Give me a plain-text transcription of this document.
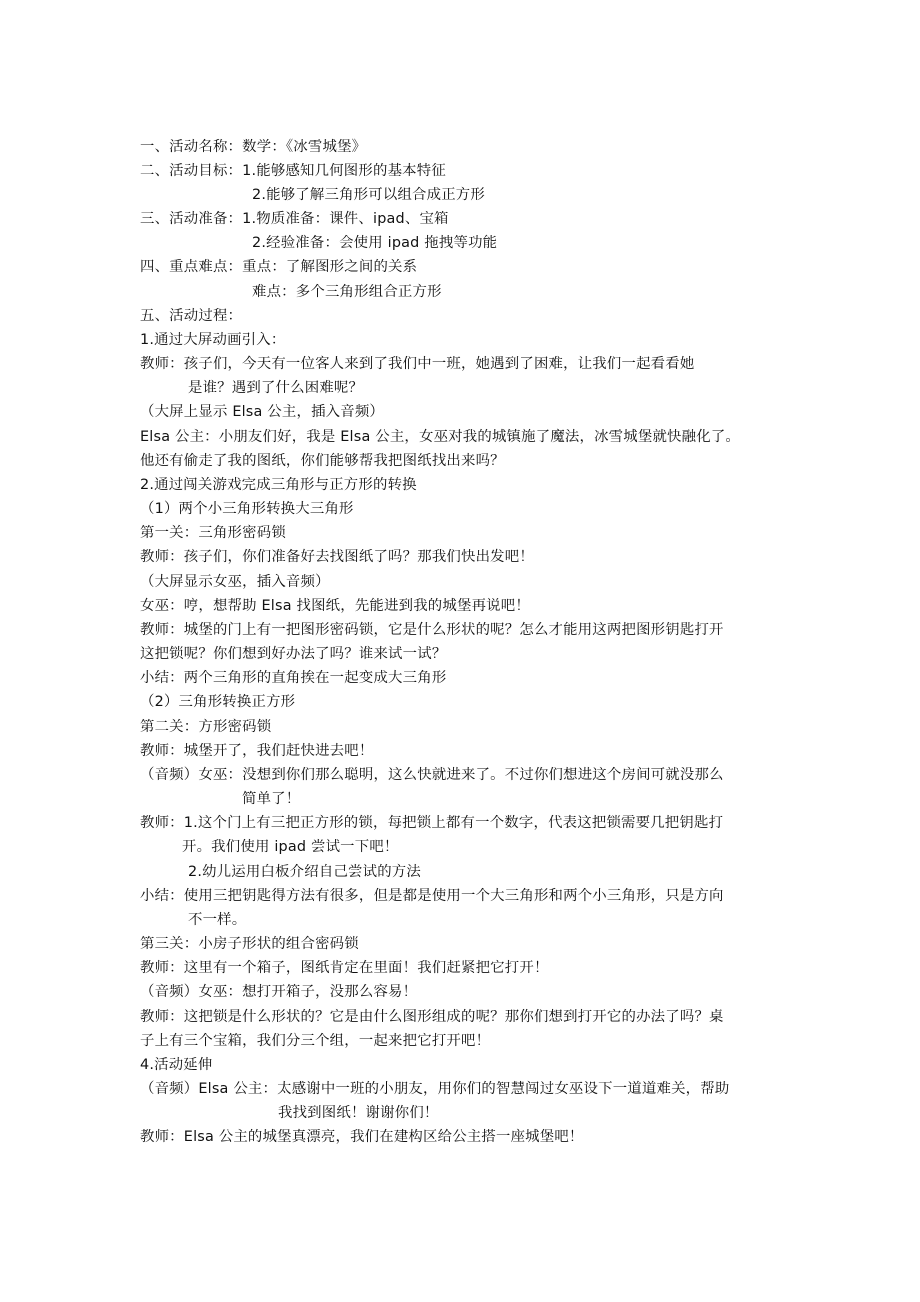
一、活动名称：数学：《冰雪城堡》
二、活动目标：1.能够感知几何图形的基本特征
2.能够了解三角形可以组合成正方形
三、活动准备：1.物质准备：课件、ipad、宝箱
2.经验准备：会使用 ipad 拖拽等功能
四、重点难点：重点：了解图形之间的关系
难点：多个三角形组合正方形
五、活动过程：
1.通过大屏动画引入：
教师：孩子们，今天有一位客人来到了我们中一班，她遇到了困难，让我们一起看看她
是谁？遇到了什么困难呢？
（大屏上显示 Elsa 公主，插入音频）
Elsa 公主：小朋友们好，我是 Elsa 公主，女巫对我的城镇施了魔法，冰雪城堡就快融化了。
他还有偷走了我的图纸，你们能够帮我把图纸找出来吗？
2.通过闯关游戏完成三角形与正方形的转换
（1）两个小三角形转换大三角形
第一关：三角形密码锁
教师：孩子们，你们准备好去找图纸了吗？那我们快出发吧！
（大屏显示女巫，插入音频）
女巫：哼，想帮助 Elsa 找图纸，先能进到我的城堡再说吧！
教师：城堡的门上有一把图形密码锁，它是什么形状的呢？怎么才能用这两把图形钥匙打开
这把锁呢？你们想到好办法了吗？谁来试一试？
小结：两个三角形的直角挨在一起变成大三角形
（2）三角形转换正方形
第二关：方形密码锁
教师：城堡开了，我们赶快进去吧！
（音频）女巫：没想到你们那么聪明，这么快就进来了。不过你们想进这个房间可就没那么
简单了！
教师：1.这个门上有三把正方形的锁，每把锁上都有一个数字，代表这把锁需要几把钥匙打
开。我们使用 ipad 尝试一下吧！
2.幼儿运用白板介绍自己尝试的方法
小结：使用三把钥匙得方法有很多，但是都是使用一个大三角形和两个小三角形，只是方向
不一样。
第三关：小房子形状的组合密码锁
教师：这里有一个箱子，图纸肯定在里面！我们赶紧把它打开！
（音频）女巫：想打开箱子，没那么容易！
教师：这把锁是什么形状的？它是由什么图形组成的呢？那你们想到打开它的办法了吗？桌
子上有三个宝箱，我们分三个组，一起来把它打开吧！
4.活动延伸
（音频）Elsa 公主：太感谢中一班的小朋友，用你们的智慧闯过女巫设下一道道难关，帮助
我找到图纸！谢谢你们！
教师：Elsa 公主的城堡真漂亮，我们在建构区给公主搭一座城堡吧！
